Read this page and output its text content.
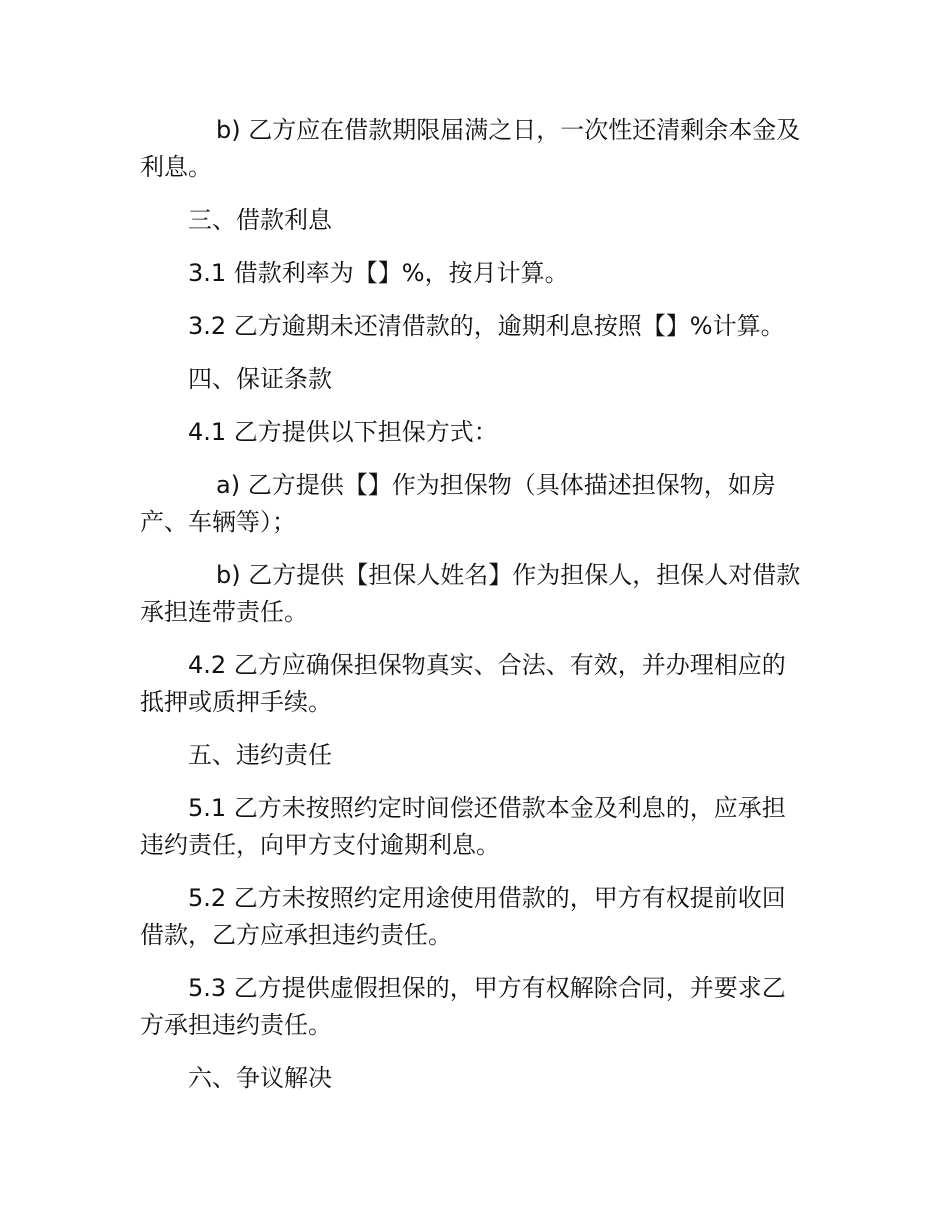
b) 乙方应在借款期限届满之日，一次性还清剩余本金及利息。

三、借款利息

3.1 借款利率为【】%，按月计算。

3.2 乙方逾期未还清借款的，逾期利息按照【】%计算。

四、保证条款

4.1 乙方提供以下担保方式：

a) 乙方提供【】作为担保物（具体描述担保物，如房产、车辆等）；

b) 乙方提供【担保人姓名】作为担保人，担保人对借款承担连带责任。

4.2 乙方应确保担保物真实、合法、有效，并办理相应的抵押或质押手续。

五、违约责任

5.1 乙方未按照约定时间偿还借款本金及利息的，应承担违约责任，向甲方支付逾期利息。

5.2 乙方未按照约定用途使用借款的，甲方有权提前收回借款，乙方应承担违约责任。

5.3 乙方提供虚假担保的，甲方有权解除合同，并要求乙方承担违约责任。

六、争议解决
